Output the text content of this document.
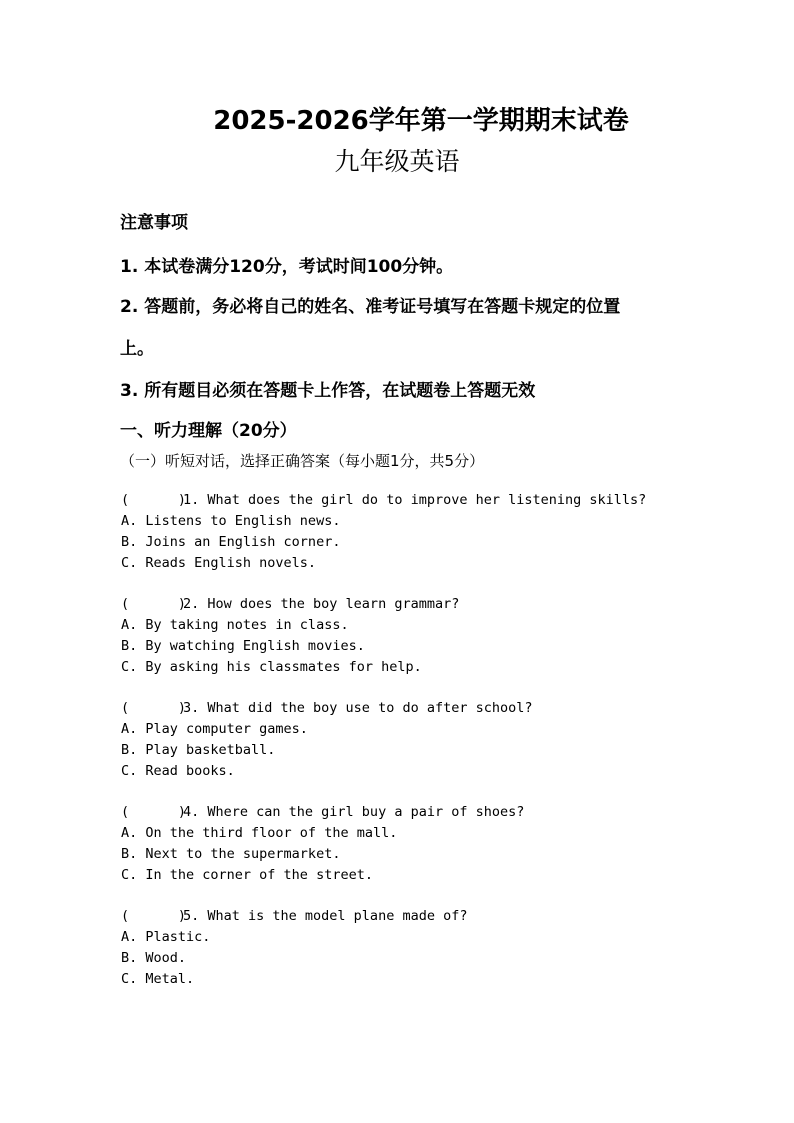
2025-2026学年第一学期期末试卷
九年级英语
注意事项
1. 本试卷满分120分，考试时间100分钟。
2. 答题前，务必将自己的姓名、准考证号填写在答题卡规定的位置
上。
3. 所有题目必须在答题卡上作答，在试题卷上答题无效
一、听力理解（20分）
（一）听短对话，选择正确答案（每小题1分，共5分）
(      )1. What does the girl do to improve her listening skills?
A. Listens to English news.
B. Joins an English corner.
C. Reads English novels.
(      )2. How does the boy learn grammar?
A. By taking notes in class.
B. By watching English movies.
C. By asking his classmates for help.
(      )3. What did the boy use to do after school?
A. Play computer games.
B. Play basketball.
C. Read books.
(      )4. Where can the girl buy a pair of shoes?
A. On the third floor of the mall.
B. Next to the supermarket.
C. In the corner of the street.
(      )5. What is the model plane made of?
A. Plastic.
B. Wood.
C. Metal.
